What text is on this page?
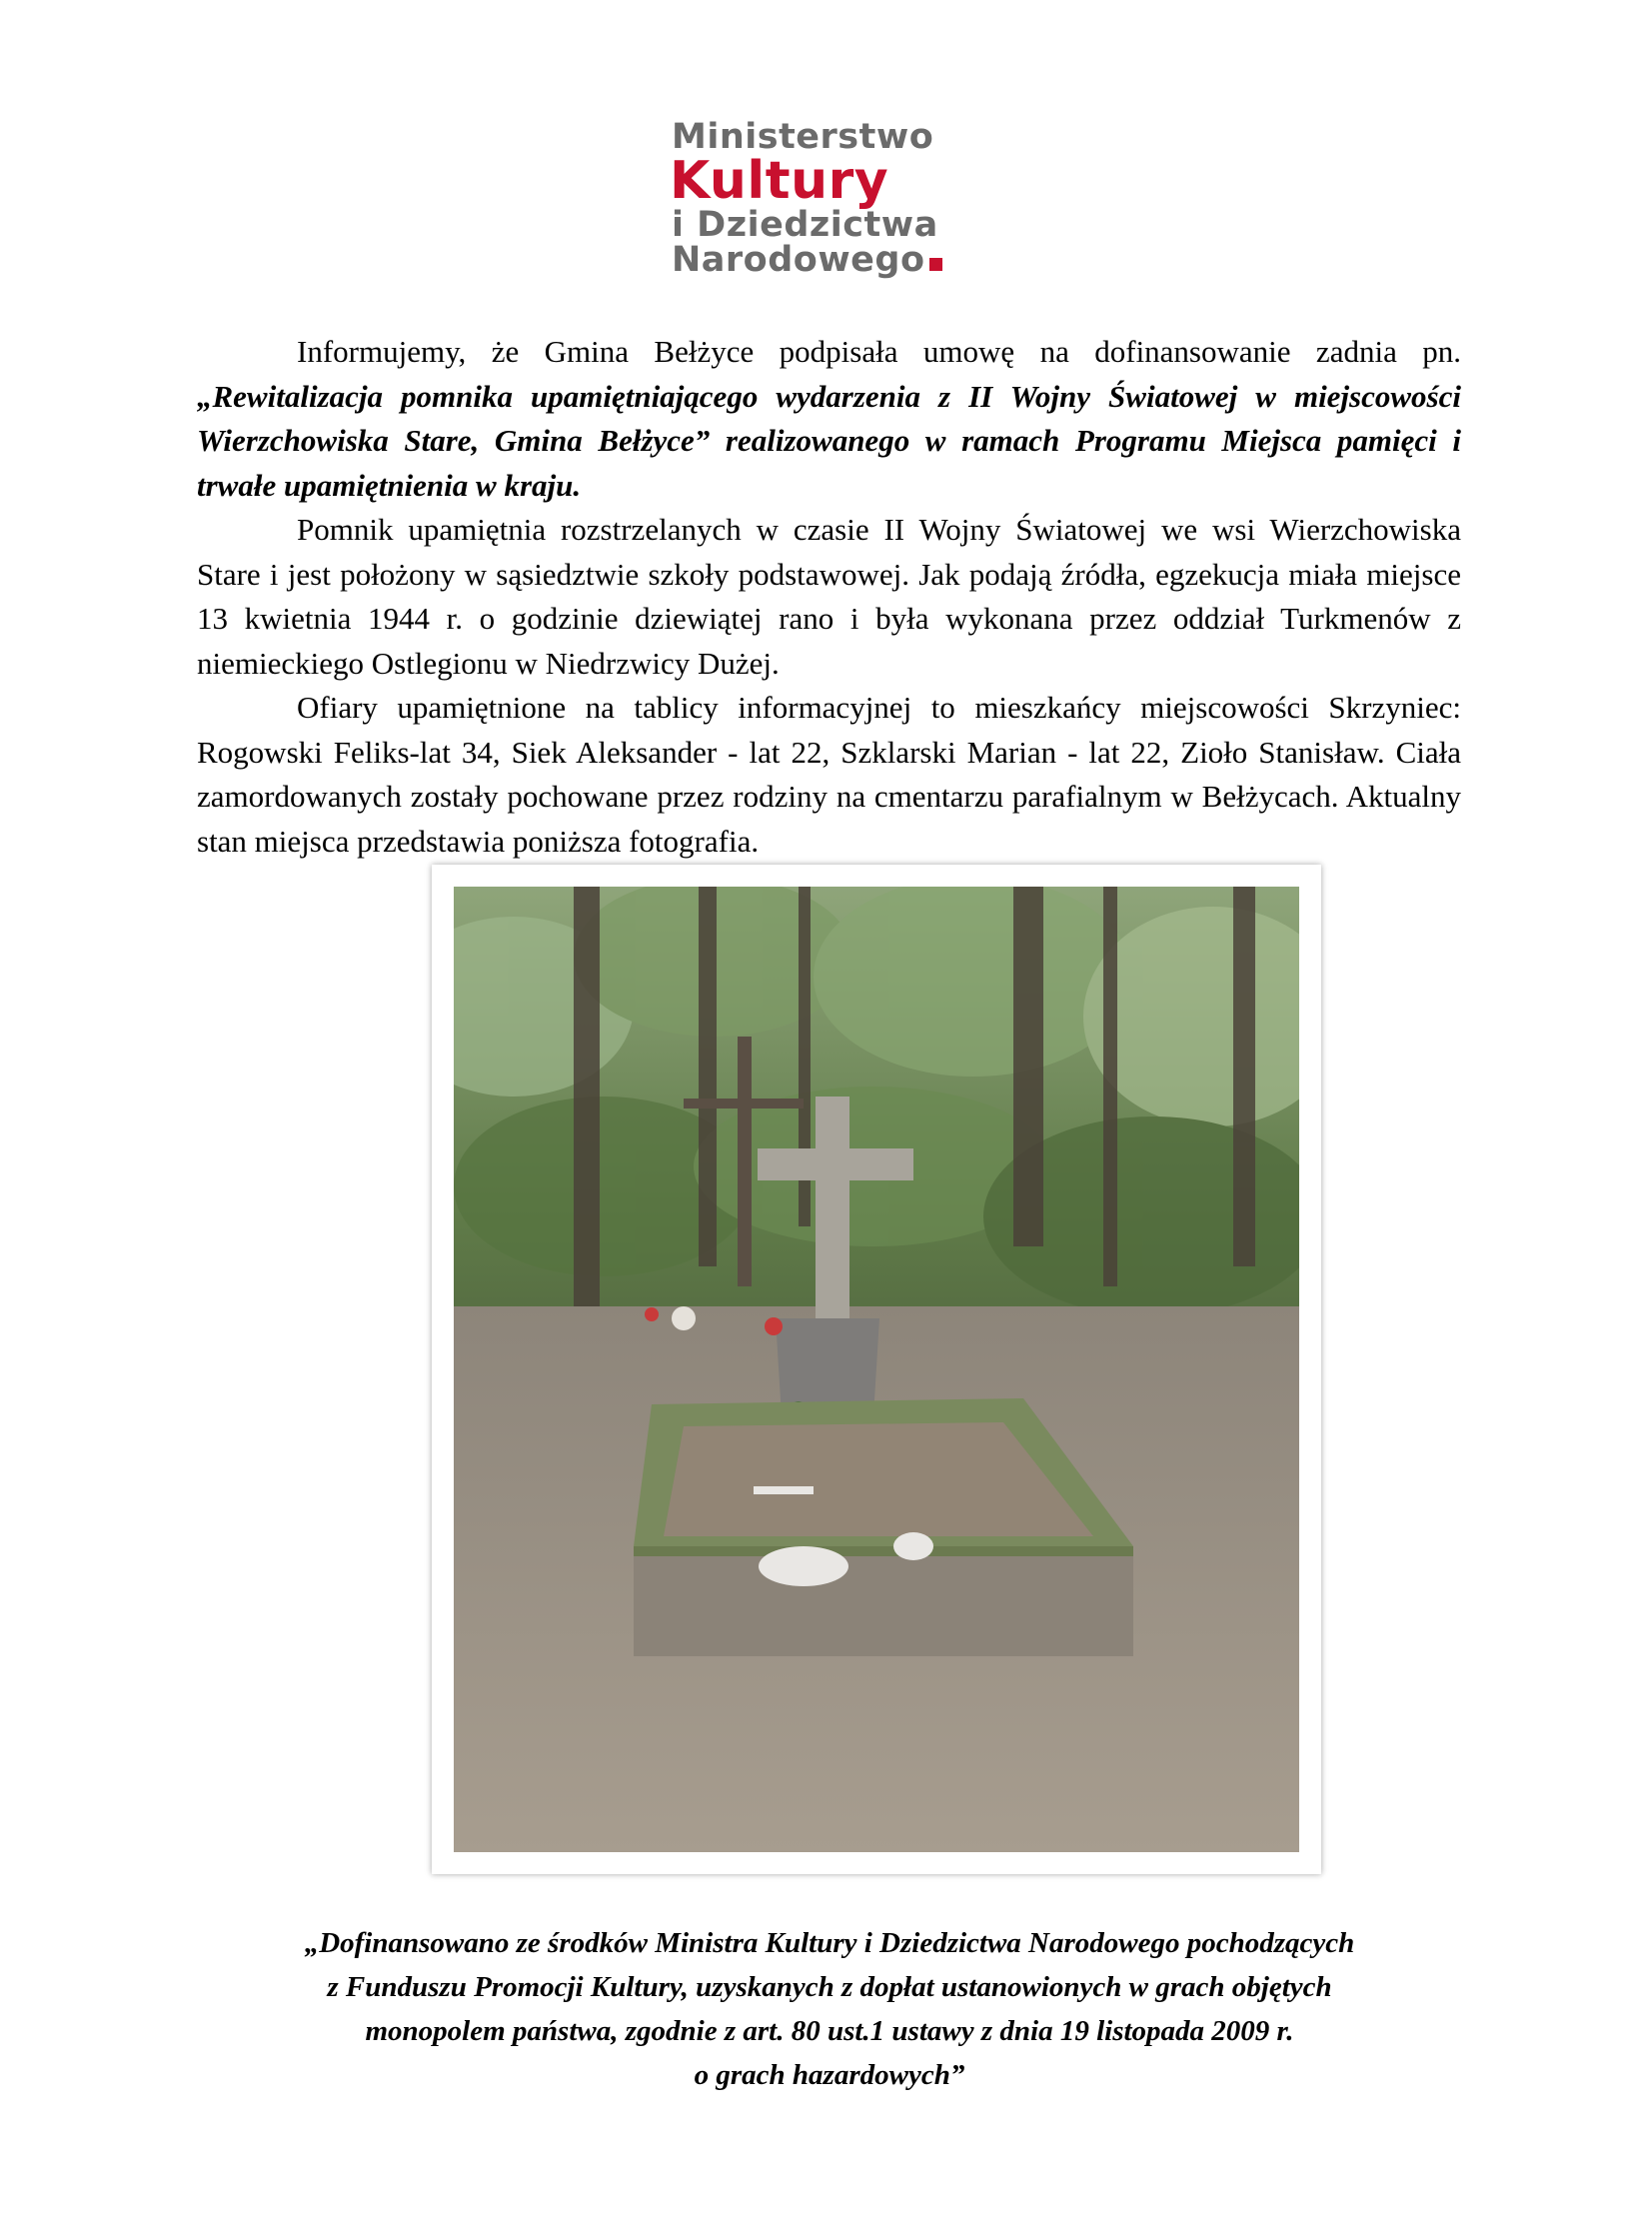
Ministerstwo
Kultury
i Dziedzictwa
Narodowego

Informujemy, że Gmina Bełżyce podpisała umowę na dofinansowanie zadnia pn. „Rewitalizacja pomnika upamiętniającego wydarzenia z II Wojny Światowej w miejscowości Wierzchowiska Stare, Gmina Bełżyce” realizowanego w ramach Programu Miejsca pamięci i trwałe upamiętnienia w kraju.

Pomnik upamiętnia rozstrzelanych w czasie II Wojny Światowej we wsi Wierzchowiska Stare i jest położony w sąsiedztwie szkoły podstawowej. Jak podają źródła, egzekucja miała miejsce 13 kwietnia 1944 r. o godzinie dziewiątej rano i była wykonana przez oddział Turkmenów z niemieckiego Ostlegionu w Niedrzwicy Dużej.

Ofiary upamiętnione na tablicy informacyjnej to mieszkańcy miejscowości Skrzyniec: Rogowski Feliks-lat 34, Siek Aleksander - lat 22, Szklarski Marian - lat 22, Zioło Stanisław. Ciała zamordowanych zostały pochowane przez rodziny na cmentarzu parafialnym w Bełżycach. Aktualny stan miejsca przedstawia poniższa fotografia.

„Dofinansowano ze środków Ministra Kultury i Dziedzictwa Narodowego pochodzących
z Funduszu Promocji Kultury, uzyskanych z dopłat ustanowionych w grach objętych
monopolem państwa, zgodnie z art. 80 ust.1 ustawy z dnia 19 listopada 2009 r.
o grach hazardowych”
